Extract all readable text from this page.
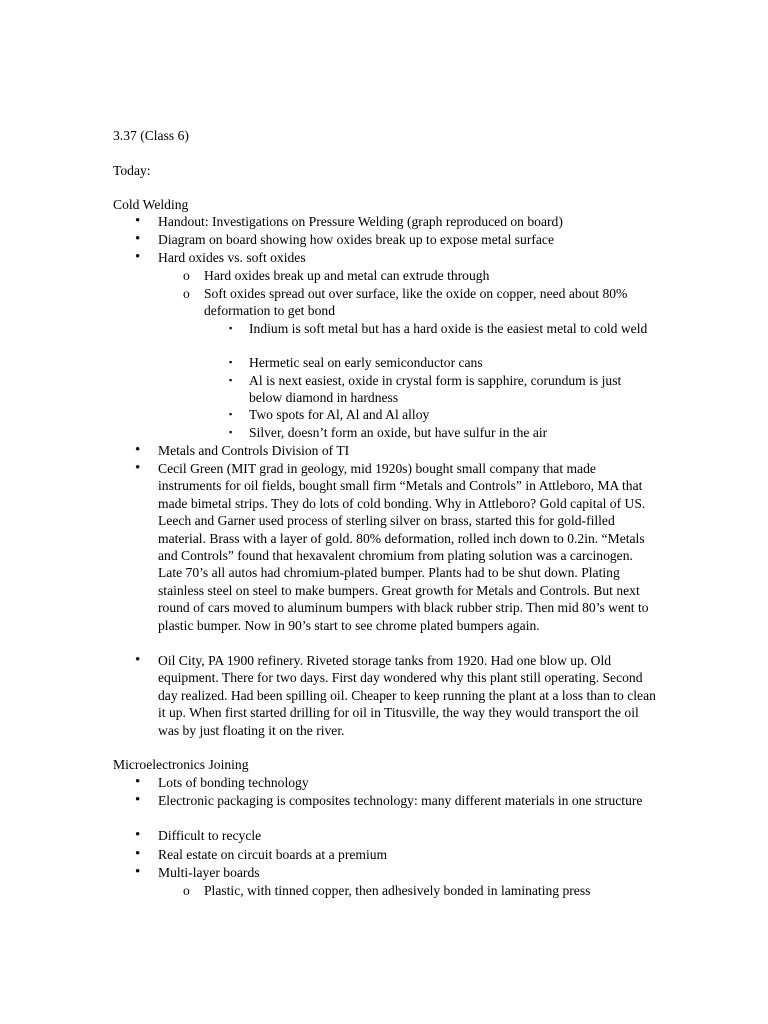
3.37 (Class 6)

Today:

Cold Welding

• Handout: Investigations on Pressure Welding (graph reproduced on board)
• Diagram on board showing how oxides break up to expose metal surface
• Hard oxides vs. soft oxides
o Hard oxides break up and metal can extrude through
o Soft oxides spread out over surface, like the oxide on copper, need about 80% deformation to get bond
▪ Indium is soft metal but has a hard oxide is the easiest metal to cold weld
▪ Hermetic seal on early semiconductor cans
▪ Al is next easiest, oxide in crystal form is sapphire, corundum is just below diamond in hardness
▪ Two spots for Al, Al and Al alloy
▪ Silver, doesn’t form an oxide, but have sulfur in the air
• Metals and Controls Division of TI
• Cecil Green (MIT grad in geology, mid 1920s) bought small company that made instruments for oil fields, bought small firm “Metals and Controls” in Attleboro, MA that made bimetal strips. They do lots of cold bonding. Why in Attleboro? Gold capital of US. Leech and Garner used process of sterling silver on brass, started this for gold-filled material. Brass with a layer of gold. 80% deformation, rolled inch down to 0.2in. “Metals and Controls” found that hexavalent chromium from plating solution was a carcinogen. Late 70’s all autos had chromium-plated bumper. Plants had to be shut down. Plating stainless steel on steel to make bumpers. Great growth for Metals and Controls. But next round of cars moved to aluminum bumpers with black rubber strip. Then mid 80’s went to plastic bumper. Now in 90’s start to see chrome plated bumpers again.
• Oil City, PA 1900 refinery. Riveted storage tanks from 1920. Had one blow up. Old equipment. There for two days. First day wondered why this plant still operating. Second day realized. Had been spilling oil. Cheaper to keep running the plant at a loss than to clean it up. When first started drilling for oil in Titusville, the way they would transport the oil was by just floating it on the river.

Microelectronics Joining

• Lots of bonding technology
• Electronic packaging is composites technology: many different materials in one structure
• Difficult to recycle
• Real estate on circuit boards at a premium
• Multi-layer boards
o Plastic, with tinned copper, then adhesively bonded in laminating press
